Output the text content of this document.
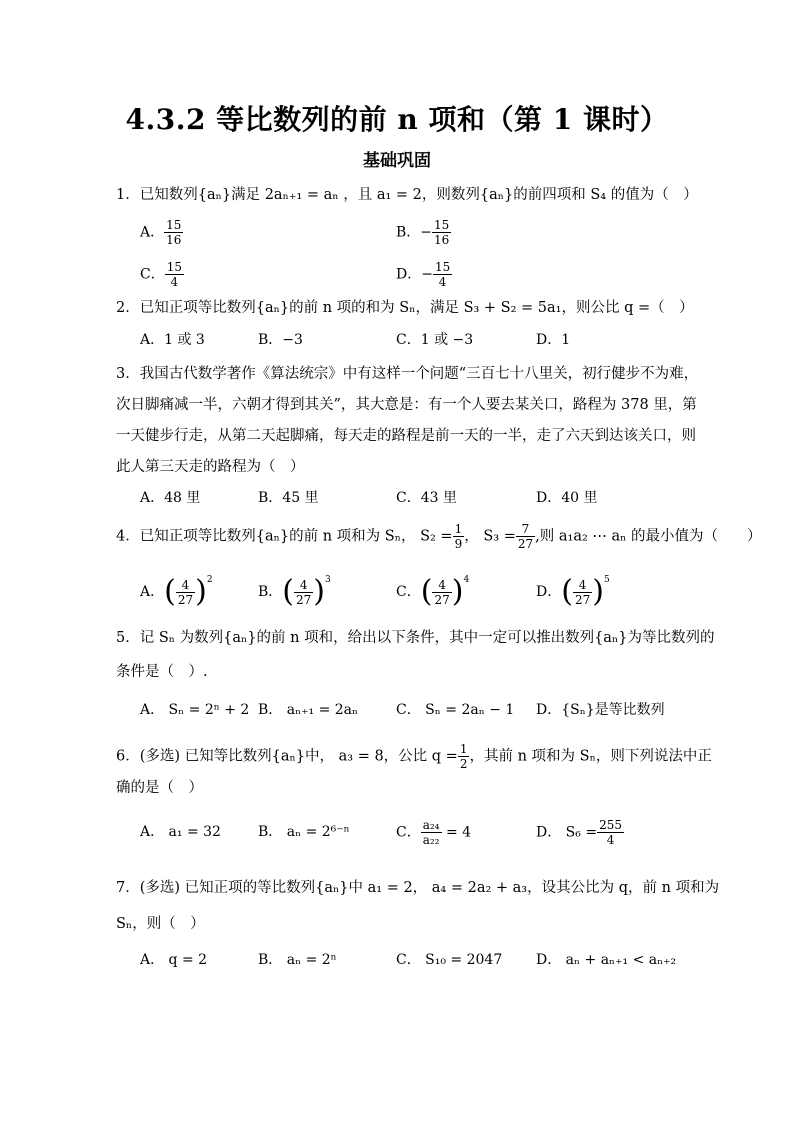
4.3.2 等比数列的前 n 项和（第 1 课时）
基础巩固
1．已知数列{aₙ}满足 2aₙ₊₁ = aₙ ，且 a₁ = 2，则数列{aₙ}的前四项和 S₄ 的值为（　）
A． $\frac{15}{16}$	B．− $\frac{15}{16}$
C． $\frac{15}{4}$	D．− $\frac{15}{4}$
2．已知正项等比数列{aₙ}的前 n 项的和为 Sₙ，满足 S₃ + S₂ = 5a₁，则公比 q =（　）
A．1 或 3	B．−3	C．1 或 −3	D．1
3．我国古代数学著作《算法统宗》中有这样一个问题“三百七十八里关，初行健步不为难，
次日脚痛减一半，六朝才得到其关”，其大意是：有一个人要去某关口，路程为 378 里，第
一天健步行走，从第二天起脚痛，每天走的路程是前一天的一半，走了六天到达该关口，则
此人第三天走的路程为（　）
A．48 里	B．45 里	C．43 里	D．40 里
4．已知正项等比数列{aₙ}的前 n 项和为 Sₙ， $S_2 = \frac{1}{9}$ ， $S_3 = \frac{7}{27}$ ,则 a₁a₂ ⋯ aₙ 的最小值为（　　）
A．( $\frac{4}{27} )^2$
B．( $\frac{4}{27} )^3$
C．( $\frac{4}{27} )^4$
D．( $\frac{4}{27} )^5$
5．记 Sₙ 为数列{aₙ}的前 n 项和，给出以下条件，其中一定可以推出数列{aₙ}为等比数列的
条件是（　）.
A． Sₙ = 2ⁿ + 2 B． aₙ₊₁ = 2aₙ	C． Sₙ = 2aₙ − 1 D．{Sₙ}是等比数列
6．(多选) 已知等比数列{aₙ}中， a₃ = 8，公比 $q = \frac{1}{2}$ ，其前 n 项和为 Sₙ，则下列说法中正
确的是（　）
A． a₁ = 32	B． aₙ = 2⁶⁻ⁿ	C． $\frac{\text{a₂₄}}{\text{a₂₂}} = 4$	D． $S_6 = \frac{255}{4}$
7．(多选) 已知正项的等比数列{aₙ}中 a₁ = 2， a₄ = 2a₂ + a₃，设其公比为 q，前 n 项和为
Sₙ，则（　）
A． q = 2	B． aₙ = 2ⁿ	C． S₁₀ = 2047 D． aₙ + aₙ₊₁ < aₙ₊₂
